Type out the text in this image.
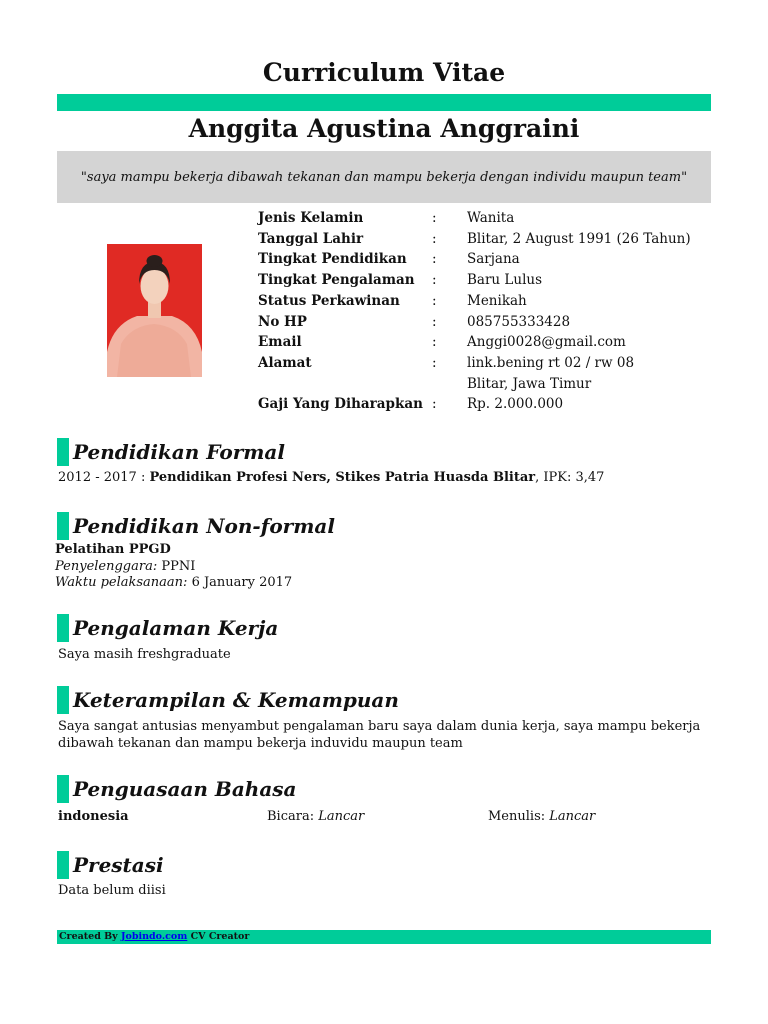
Curriculum Vitae
Anggita Agustina Anggraini
"saya mampu bekerja dibawah tekanan dan mampu bekerja dengan individu maupun team"
Jenis Kelamin	:	Wanita
Tanggal Lahir	:	Blitar, 2 August 1991 (26 Tahun)
Tingkat Pendidikan	:	Sarjana
Tingkat Pengalaman	:	Baru Lulus
Status Perkawinan	:	Menikah
No HP	:	085755333428
Email	:	Anggi0028@gmail.com
Alamat	:	link.bening rt 02 / rw 08
Blitar, Jawa Timur
Gaji Yang Diharapkan :	Rp. 2.000.000
Pendidikan Formal
2012 - 2017 : Pendidikan Profesi Ners, Stikes Patria Huasda Blitar, IPK: 3,47
Pendidikan Non-formal
Pelatihan PPGD
Penyelenggara: PPNI
Waktu pelaksanaan: 6 January 2017
Pengalaman Kerja
Saya masih freshgraduate
Keterampilan & Kemampuan
Saya sangat antusias menyambut pengalaman baru saya dalam dunia kerja, saya mampu bekerja dibawah tekanan dan mampu bekerja induvidu maupun team
Penguasaan Bahasa
indonesia	Bicara: Lancar	Menulis: Lancar
Prestasi
Data belum diisi
Created By Jobindo.com CV Creator
